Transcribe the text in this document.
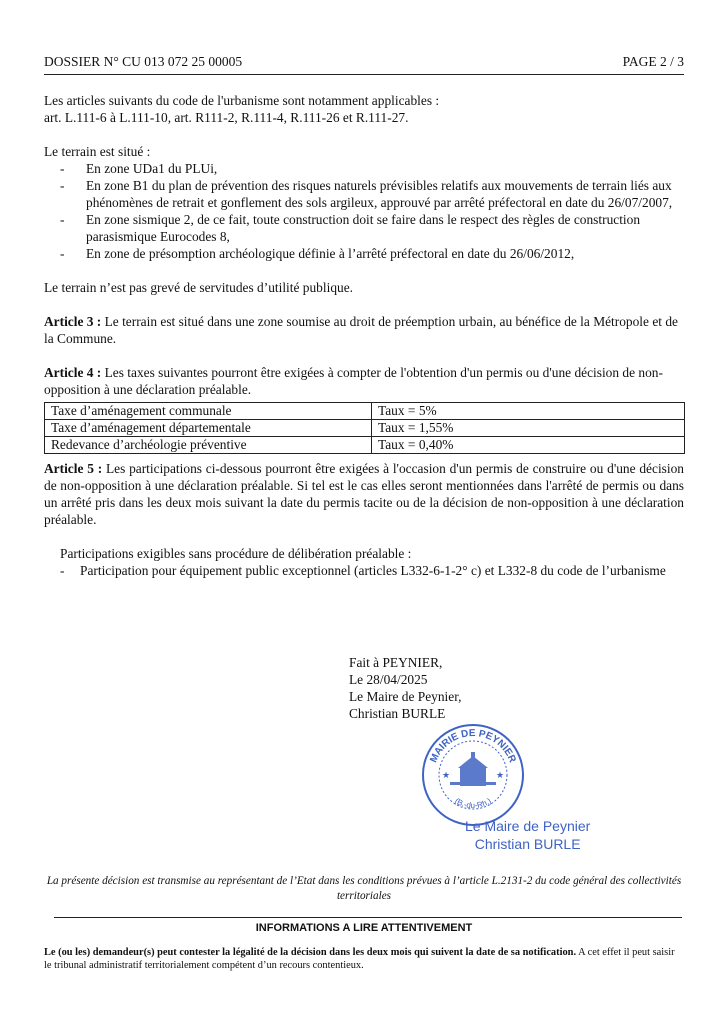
DOSSIER N° CU 013 072 25 00005	PAGE 2 / 3

Les articles suivants du code de l'urbanisme sont notamment applicables :

art. L.111-6 à L.111-10, art. R111-2, R.111-4, R.111-26 et R.111-27.

Le terrain est situé :

- En zone UDa1 du PLUi,
- En zone B1 du plan de prévention des risques naturels prévisibles relatifs aux mouvements de terrain liés aux phénomènes de retrait et gonflement des sols argileux, approuvé par arrêté préfectoral en date du 26/07/2007,
- En zone sismique 2, de ce fait, toute construction doit se faire dans le respect des règles de construction parasismique Eurocodes 8,
- En zone de présomption archéologique définie à l’arrêté préfectoral en date du 26/06/2012,

Le terrain n’est pas grevé de servitudes d’utilité publique.

Article 3 : Le terrain est situé dans une zone soumise au droit de préemption urbain, au bénéfice de la Métropole et de la Commune.

Article 4 : Les taxes suivantes pourront être exigées à compter de l'obtention d'un permis ou d'une décision de non-opposition à une déclaration préalable.

Taxe d’aménagement communale	Taux = 5%
Taxe d’aménagement départementale	Taux = 1,55%
Redevance d’archéologie préventive	Taux = 0,40%

Article 5 : Les participations ci-dessous pourront être exigées à l'occasion d'un permis de construire ou d'une décision de non-opposition à une déclaration préalable. Si tel est le cas elles seront mentionnées dans l'arrêté de permis ou dans un arrêté pris dans les deux mois suivant la date du permis tacite ou de la décision de non-opposition à une déclaration préalable.

Participations exigibles sans procédure de délibération préalable :

- Participation pour équipement public exceptionnel (articles L332-6-1-2° c) et L332-8 du code de l’urbanisme

Fait à PEYNIER,

Le 28/04/2025

Le Maire de Peynier,

Christian BURLE

MAIRIE DE PEYNIER
(B.-du-Rh.)
★	★
Le Maire de Peynier
Christian BURLE

La présente décision est transmise au représentant de l’Etat dans les conditions prévues à l’article L.2131-2 du code général des collectivités territoriales

INFORMATIONS A LIRE ATTENTIVEMENT

Le (ou les) demandeur(s) peut contester la légalité de la décision dans les deux mois qui suivent la date de sa notification. A cet effet il peut saisir le tribunal administratif territorialement compétent d’un recours contentieux.
